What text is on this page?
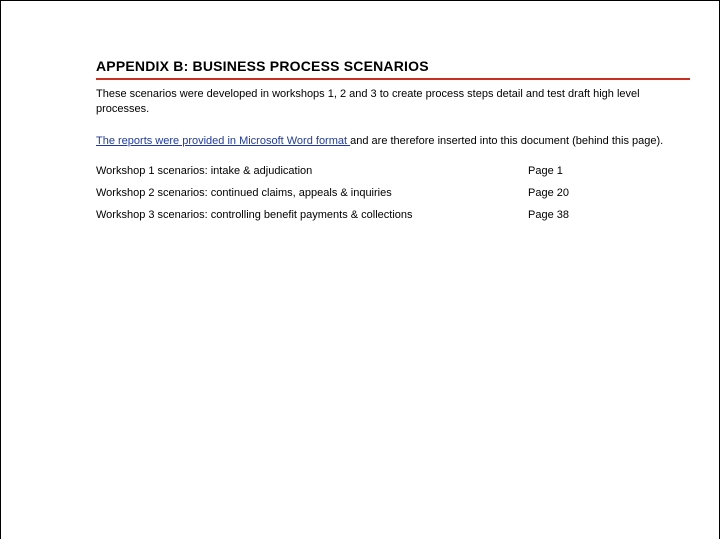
APPENDIX B: BUSINESS PROCESS SCENARIOS

These scenarios were developed in workshops 1, 2 and 3 to create process steps detail and test draft high level processes.

The reports were provided in Microsoft Word format and are therefore inserted into this document (behind this page).

Workshop 1 scenarios: intake & adjudication	Page 1
Workshop 2 scenarios: continued claims, appeals & inquiries	Page 20
Workshop 3 scenarios: controlling benefit payments & collections	Page 38
